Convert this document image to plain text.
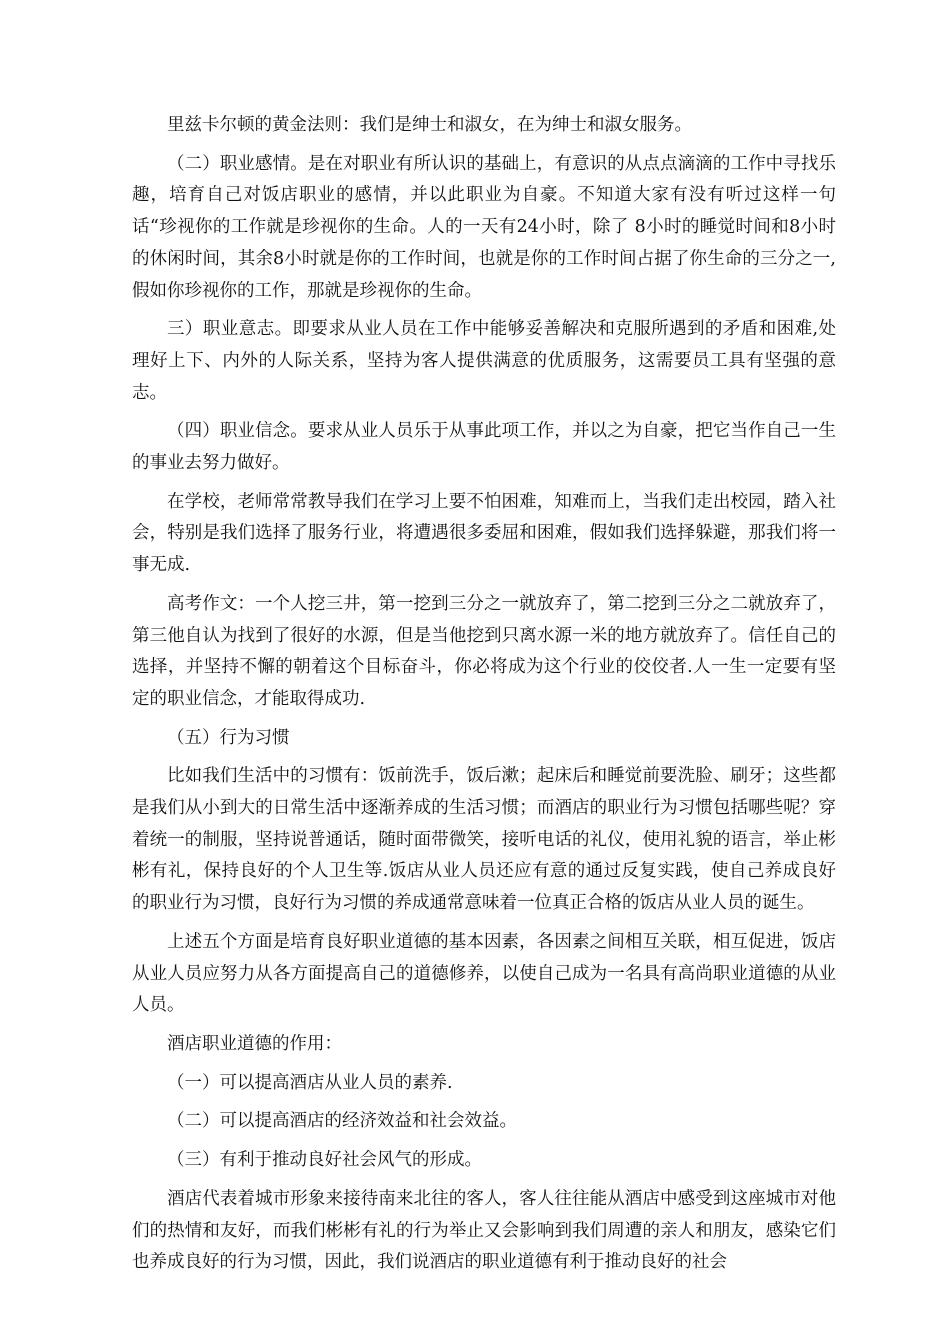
里兹卡尔顿的黄金法则：我们是绅士和淑女，在为绅士和淑女服务。

（二）职业感情。是在对职业有所认识的基础上，有意识的从点点滴滴的工作中寻找乐趣，培育自己对饭店职业的感情，并以此职业为自豪。不知道大家有没有听过这样一句话“珍视你的工作就是珍视你的生命。人的一天有24小时，除了 8小时的睡觉时间和8小时的休闲时间，其余8小时就是你的工作时间，也就是你的工作时间占据了你生命的三分之一,假如你珍视你的工作，那就是珍视你的生命。

三）职业意志。即要求从业人员在工作中能够妥善解决和克服所遇到的矛盾和困难,处理好上下、内外的人际关系，坚持为客人提供满意的优质服务，这需要员工具有坚强的意志。

（四）职业信念。要求从业人员乐于从事此项工作，并以之为自豪，把它当作自己一生的事业去努力做好。

在学校，老师常常教导我们在学习上要不怕困难，知难而上，当我们走出校园，踏入社会，特别是我们选择了服务行业，将遭遇很多委屈和困难，假如我们选择躲避，那我们将一事无成.

高考作文：一个人挖三井，第一挖到三分之一就放弃了，第二挖到三分之二就放弃了，第三他自认为找到了很好的水源，但是当他挖到只离水源一米的地方就放弃了。信任自己的选择，并坚持不懈的朝着这个目标奋斗，你必将成为这个行业的佼佼者.人一生一定要有坚定的职业信念，才能取得成功.

（五）行为习惯

比如我们生活中的习惯有：饭前洗手，饭后漱；起床后和睡觉前要洗脸、刷牙；这些都是我们从小到大的日常生活中逐渐养成的生活习惯；而酒店的职业行为习惯包括哪些呢？穿着统一的制服，坚持说普通话，随时面带微笑，接听电话的礼仪，使用礼貌的语言，举止彬彬有礼，保持良好的个人卫生等.饭店从业人员还应有意的通过反复实践，使自己养成良好的职业行为习惯，良好行为习惯的养成通常意味着一位真正合格的饭店从业人员的诞生。

上述五个方面是培育良好职业道德的基本因素，各因素之间相互关联，相互促进，饭店从业人员应努力从各方面提高自己的道德修养，以使自己成为一名具有高尚职业道德的从业人员。

酒店职业道德的作用：

（一）可以提高酒店从业人员的素养.

（二）可以提高酒店的经济效益和社会效益。

（三）有利于推动良好社会风气的形成。

酒店代表着城市形象来接待南来北往的客人，客人往往能从酒店中感受到这座城市对他们的热情和友好，而我们彬彬有礼的行为举止又会影响到我们周遭的亲人和朋友，感染它们也养成良好的行为习惯，因此，我们说酒店的职业道德有利于推动良好的社会
